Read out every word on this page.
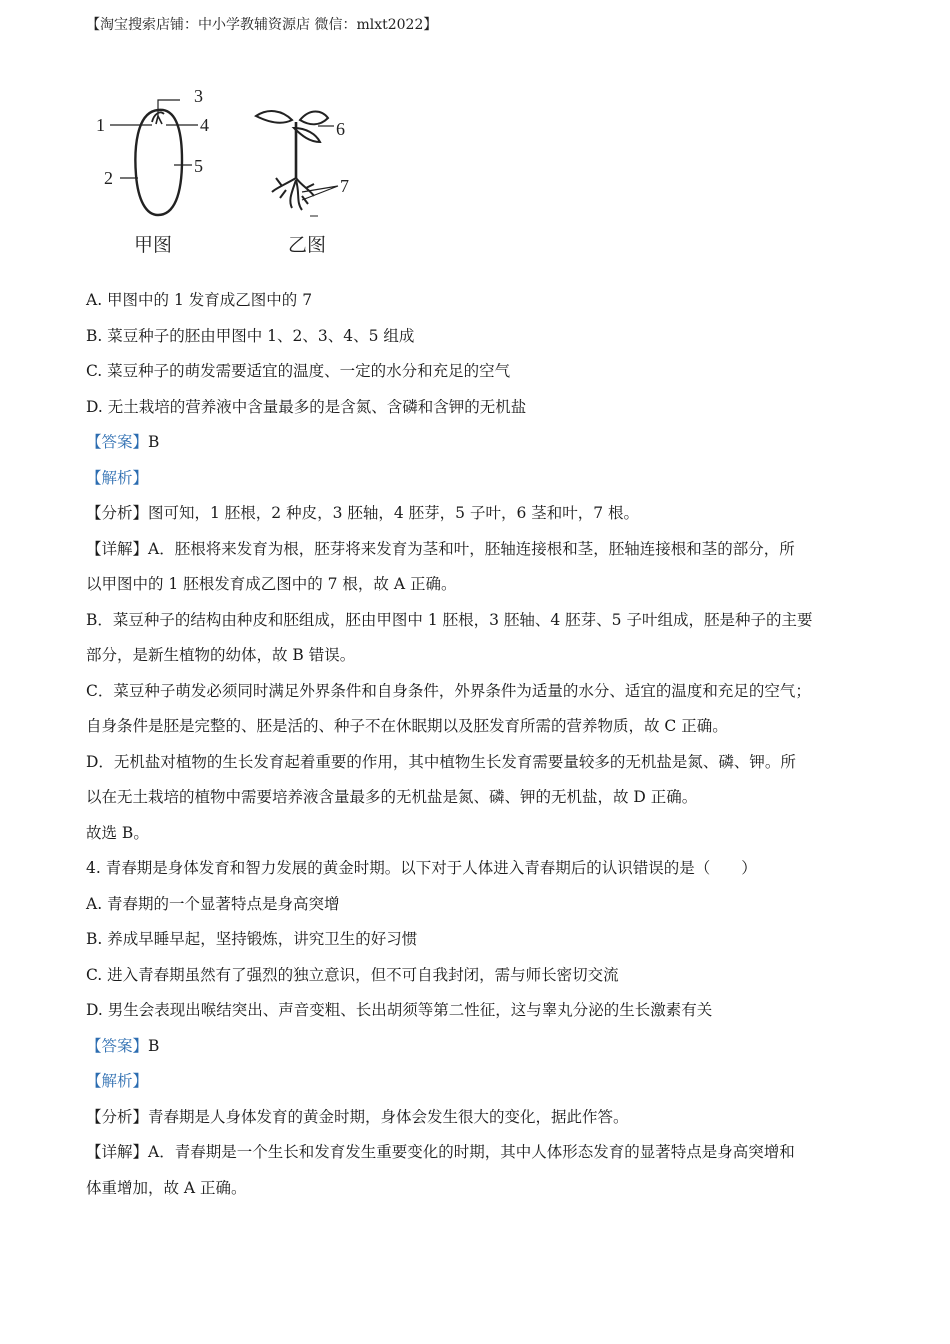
【淘宝搜索店铺：中小学教辅资源店 微信：mlxt2022】
1
2
3
4
5
6
7
甲图	乙图
A. 甲图中的 1 发育成乙图中的 7
B. 菜豆种子的胚由甲图中 1、2、3、4、5 组成
C. 菜豆种子的萌发需要适宜的温度、一定的水分和充足的空气
D. 无土栽培的营养液中含量最多的是含氮、含磷和含钾的无机盐
【答案】B
【解析】
【分析】图可知，1 胚根，2 种皮，3 胚轴，4 胚芽，5 子叶，6 茎和叶，7 根。
【详解】A．胚根将来发育为根，胚芽将来发育为茎和叶，胚轴连接根和茎，胚轴连接根和茎的部分，所
以甲图中的 1 胚根发育成乙图中的 7 根，故 A 正确。
B．菜豆种子的结构由种皮和胚组成，胚由甲图中 1 胚根，3 胚轴、4 胚芽、5 子叶组成，胚是种子的主要
部分，是新生植物的幼体，故 B 错误。
C．菜豆种子萌发必须同时满足外界条件和自身条件，外界条件为适量的水分、适宜的温度和充足的空气；
自身条件是胚是完整的、胚是活的、种子不在休眠期以及胚发育所需的营养物质，故 C 正确。
D．无机盐对植物的生长发育起着重要的作用，其中植物生长发育需要量较多的无机盐是氮、磷、钾。所
以在无土栽培的植物中需要培养液含量最多的无机盐是氮、磷、钾的无机盐，故 D 正确。
故选 B。
4. 青春期是身体发育和智力发展的黄金时期。以下对于人体进入青春期后的认识错误的是（　　）
A. 青春期的一个显著特点是身高突增
B. 养成早睡早起，坚持锻炼，讲究卫生的好习惯
C. 进入青春期虽然有了强烈的独立意识，但不可自我封闭，需与师长密切交流
D. 男生会表现出喉结突出、声音变粗、长出胡须等第二性征，这与睾丸分泌的生长激素有关
【答案】B
【解析】
【分析】青春期是人身体发育的黄金时期，身体会发生很大的变化，据此作答。
【详解】A．青春期是一个生长和发育发生重要变化的时期，其中人体形态发育的显著特点是身高突增和
体重增加，故 A 正确。
